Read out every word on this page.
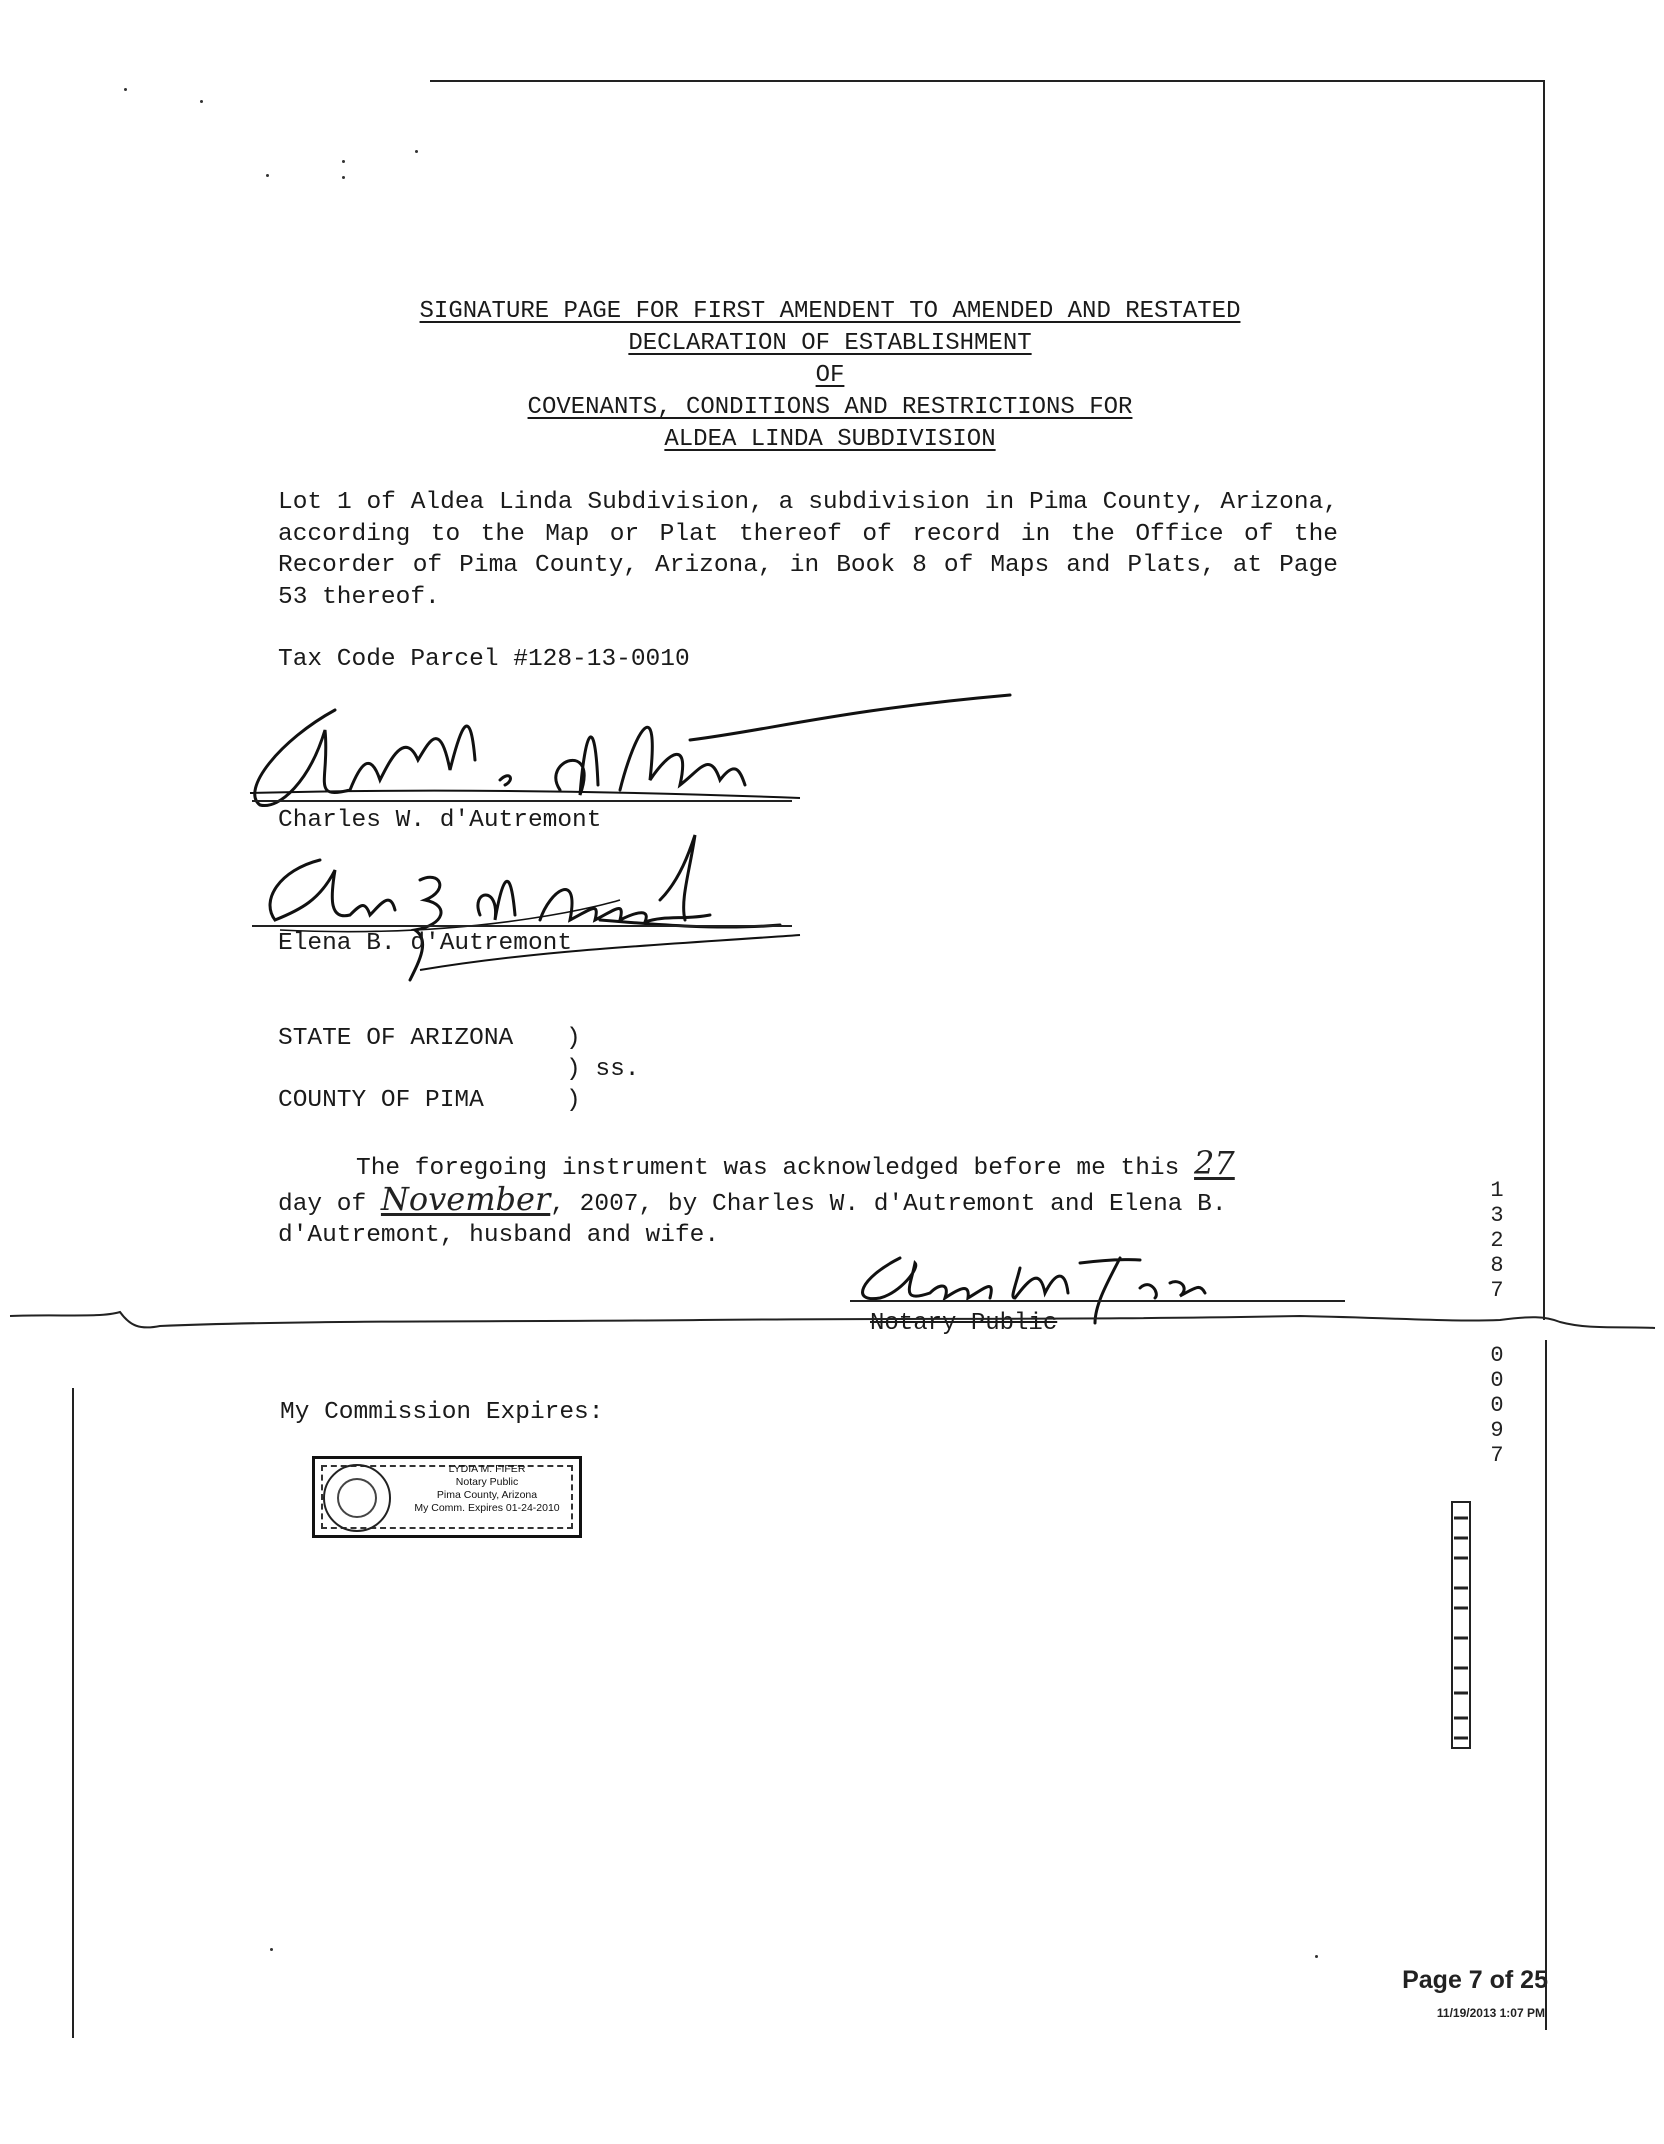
SIGNATURE PAGE FOR FIRST AMENDENT TO AMENDED AND RESTATED
DECLARATION OF ESTABLISHMENT
OF
COVENANTS, CONDITIONS AND RESTRICTIONS FOR
ALDEA LINDA SUBDIVISION
Lot 1 of Aldea Linda Subdivision, a subdivision in Pima County, Arizona, according to the Map or Plat thereof of record in the Office of the Recorder of Pima County, Arizona, in Book 8 of Maps and Plats, at Page 53 thereof.
Tax Code Parcel #128-13-0010
Charles W. d'Autremont
Elena B. d'Autremont
STATE OF ARIZONA )
) ss.
COUNTY OF PIMA	)
The foregoing instrument was acknowledged before me this 27
day of November, 2007, by Charles W. d'Autremont and Elena B. d'Autremont, husband and wife.
Notary Public
My Commission Expires:
LYDIA M. FIFER
Notary Public
Pima County, Arizona
My Comm. Expires 01-24-2010
1
3
2
8
7
0
0
0
9
7
Page 7 of 25
11/19/2013 1:07 PM
